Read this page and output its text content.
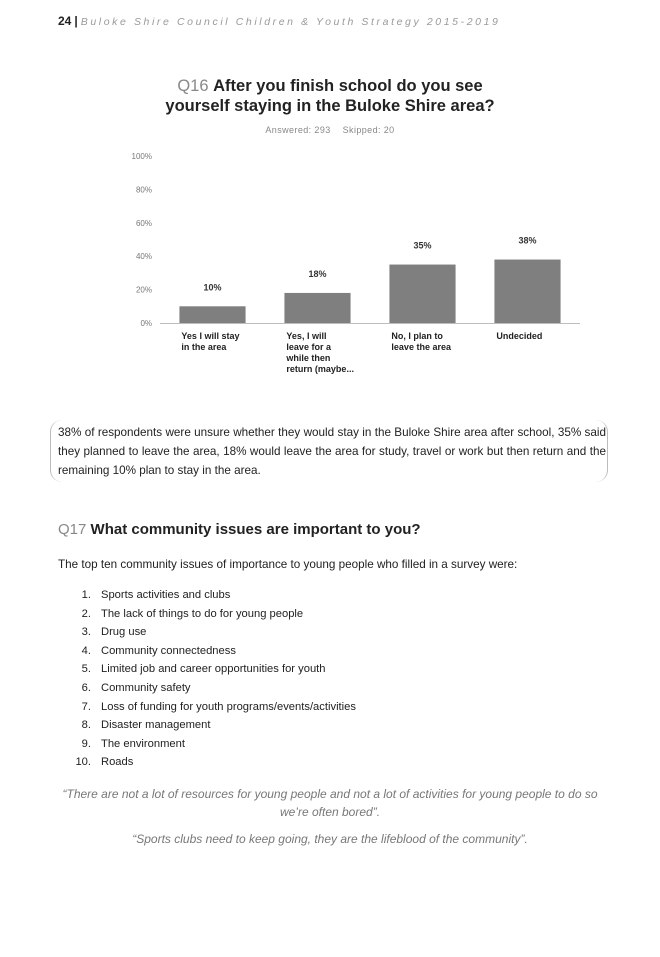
24 | Buloke Shire Council Children & Youth Strategy 2015-2019
Q16 After you finish school do you see
yourself staying in the Buloke Shire area?
Answered: 293 Skipped: 20
0%
20%
40%
60%
80%
100%
10%
18%
35%
38%
Yes I will stay
in the area
Yes, I will
leave for a
while then
return (maybe...
No, I plan to
leave the area
Undecided

38% of respondents were unsure whether they would stay in the Buloke Shire area after school, 35% said they planned to leave the area, 18% would leave the area for study, travel or work but then return and the remaining 10% plan to stay in the area.

Q17 What community issues are important to you?

The top ten community issues of importance to young people who filled in a survey were:

1. Sports activities and clubs
2. The lack of things to do for young people
3. Drug use
4. Community connectedness
5. Limited job and career opportunities for youth
6. Community safety
7. Loss of funding for youth programs/events/activities
8. Disaster management
9. The environment
10. Roads

“There are not a lot of resources for young people and not a lot of activities for young people to do so we’re often bored”.

“Sports clubs need to keep going, they are the lifeblood of the community”.
